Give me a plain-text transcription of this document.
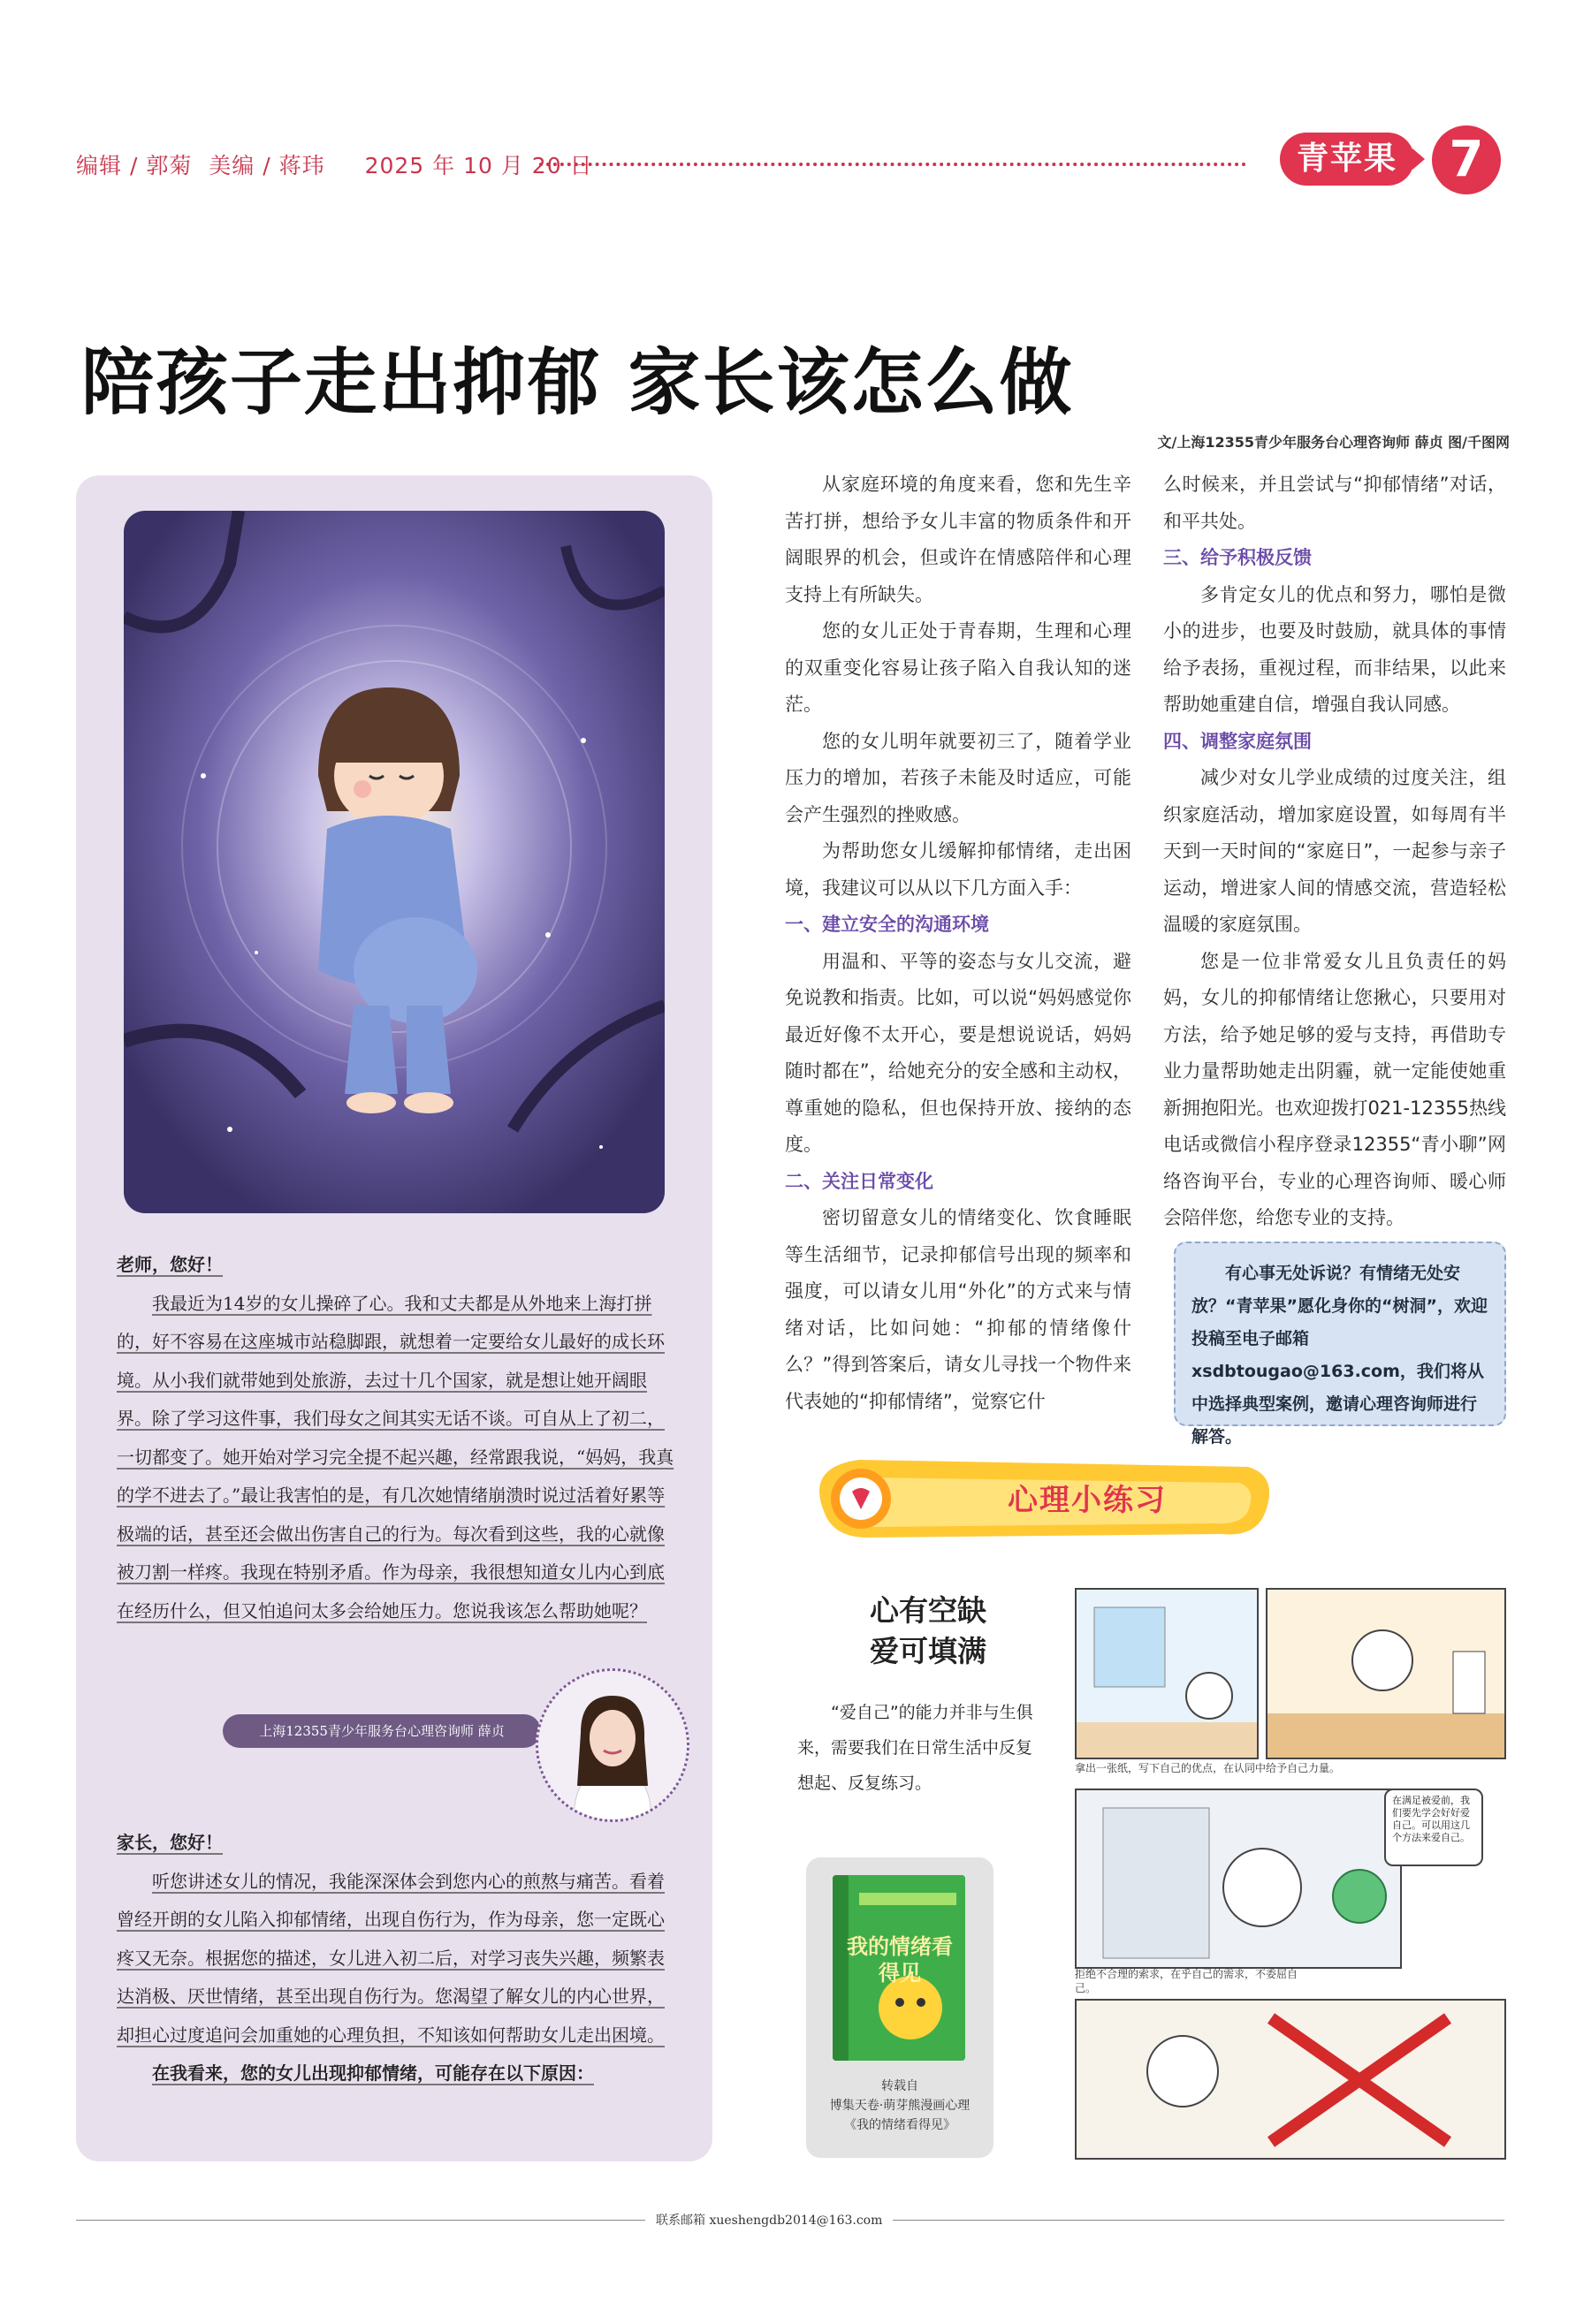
编辑 / 郭菊 美编 / 蒋玮 2025 年 10 月 20 日	青苹果	7
陪孩子走出抑郁 家长该怎么做
文/上海12355青少年服务台心理咨询师 薛贞 图/千图网

老师，您好！

我最近为14岁的女儿操碎了心。我和丈夫都是从外地来上海打拼的，好不容易在这座城市站稳脚跟，就想着一定要给女儿最好的成长环境。从小我们就带她到处旅游，去过十几个国家，就是想让她开阔眼界。除了学习这件事，我们母女之间其实无话不谈。可自从上了初二，一切都变了。她开始对学习完全提不起兴趣，经常跟我说，“妈妈，我真的学不进去了。”最让我害怕的是，有几次她情绪崩溃时说过活着好累等极端的话，甚至还会做出伤害自己的行为。每次看到这些，我的心就像被刀割一样疼。我现在特别矛盾。作为母亲，我很想知道女儿内心到底在经历什么，但又怕追问太多会给她压力。您说我该怎么帮助她呢？

上海12355青少年服务台心理咨询师 薛贞

家长，您好！

听您讲述女儿的情况，我能深深体会到您内心的煎熬与痛苦。看着曾经开朗的女儿陷入抑郁情绪，出现自伤行为，作为母亲，您一定既心疼又无奈。根据您的描述，女儿进入初二后，对学习丧失兴趣，频繁表达消极、厌世情绪，甚至出现自伤行为。您渴望了解女儿的内心世界，却担心过度追问会加重她的心理负担，不知该如何帮助女儿走出困境。

在我看来，您的女儿出现抑郁情绪，可能存在以下原因：

从家庭环境的角度来看，您和先生辛苦打拼，想给予女儿丰富的物质条件和开阔眼界的机会，但或许在情感陪伴和心理支持上有所缺失。

您的女儿正处于青春期，生理和心理的双重变化容易让孩子陷入自我认知的迷茫。

您的女儿明年就要初三了，随着学业压力的增加，若孩子未能及时适应，可能会产生强烈的挫败感。

为帮助您女儿缓解抑郁情绪，走出困境，我建议可以从以下几方面入手：

一、建立安全的沟通环境

用温和、平等的姿态与女儿交流，避免说教和指责。比如，可以说“妈妈感觉你最近好像不太开心，要是想说说话，妈妈随时都在”，给她充分的安全感和主动权，尊重她的隐私，但也保持开放、接纳的态度。

二、关注日常变化

密切留意女儿的情绪变化、饮食睡眠等生活细节，记录抑郁信号出现的频率和强度，可以请女儿用“外化”的方式来与情绪对话，比如问她：“抑郁的情绪像什么？”得到答案后，请女儿寻找一个物件来代表她的“抑郁情绪”，觉察它什

么时候来，并且尝试与“抑郁情绪”对话，和平共处。

三、给予积极反馈

多肯定女儿的优点和努力，哪怕是微小的进步，也要及时鼓励，就具体的事情给予表扬，重视过程，而非结果，以此来帮助她重建自信，增强自我认同感。

四、调整家庭氛围

减少对女儿学业成绩的过度关注，组织家庭活动，增加家庭设置，如每周有半天到一天时间的“家庭日”，一起参与亲子运动，增进家人间的情感交流，营造轻松温暖的家庭氛围。

您是一位非常爱女儿且负责任的妈妈，女儿的抑郁情绪让您揪心，只要用对方法，给予她足够的爱与支持，再借助专业力量帮助她走出阴霾，就一定能使她重新拥抱阳光。也欢迎拨打021-12355热线电话或微信小程序登录12355“青小聊”网络咨询平台，专业的心理咨询师、暖心师会陪伴您，给您专业的支持。

有心事无处诉说？有情绪无处安放？“青苹果”愿化身你的“树洞”，欢迎投稿至电子邮箱xsdbtougao@163.com，我们将从中选择典型案例，邀请心理咨询师进行解答。

心理小练习
心有空缺
爱可填满

“爱自己”的能力并非与生俱来，需要我们在日常生活中反复想起、反复练习。

我的情绪看得见
转载自
博集天卷·萌芽熊漫画心理
《我的情绪看得见》
拿出一张纸，写下自己的优点，在认同中给予自己力量。
在满足被爱前，我们要先学会好好爱自己。可以用这几个方法来爱自己。
拒绝不合理的索求，在乎自己的需求，不委屈自己。
联系邮箱 xueshengdb2014@163.com
